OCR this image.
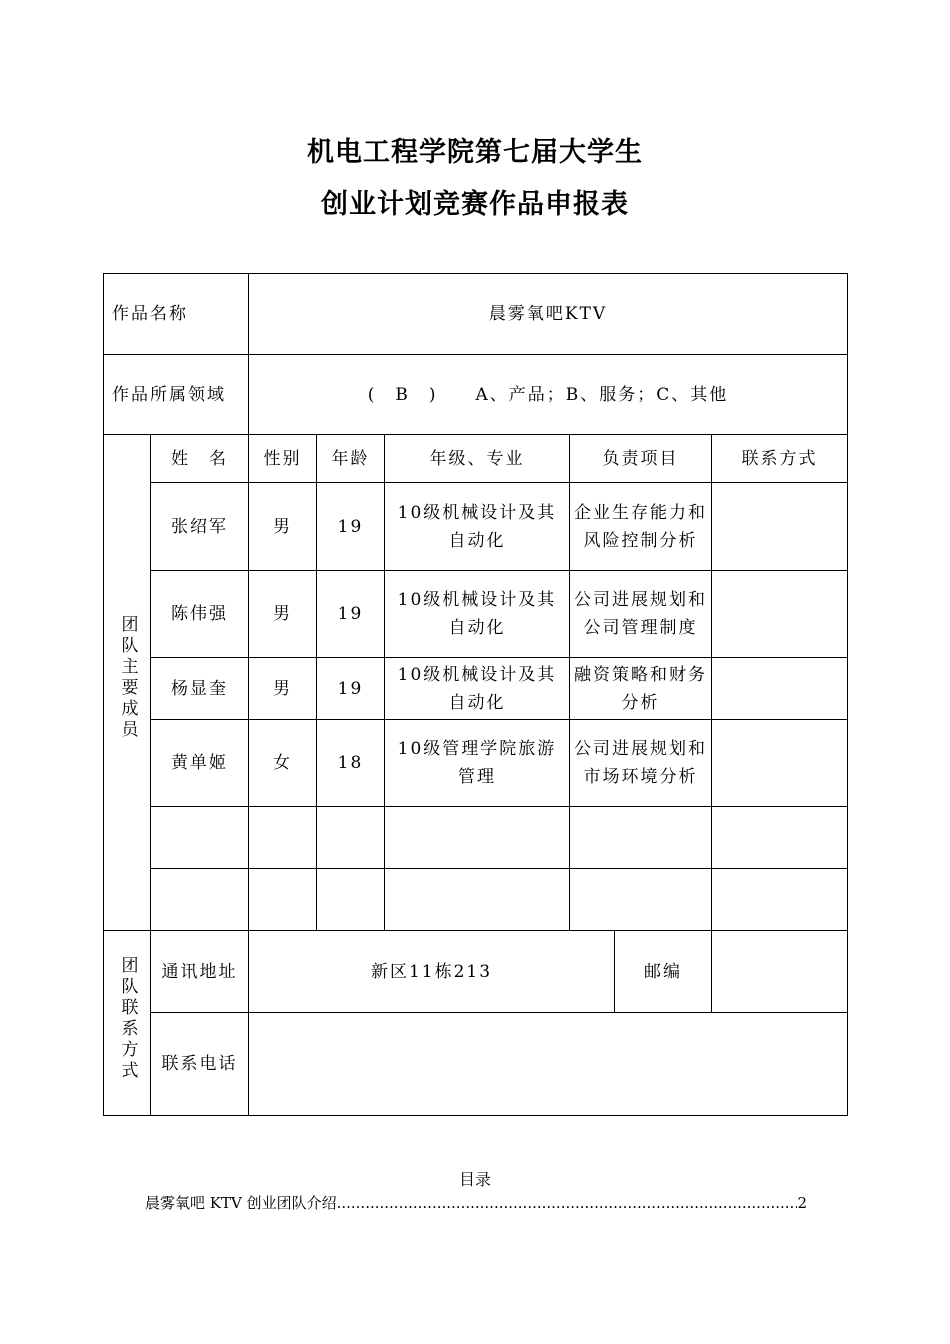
机电工程学院第七届大学生
创业计划竞赛作品申报表
作品名称		晨雾氧吧KTV					
作品所属领域		(　B　)　　A、产品；B、服务；C、其他					
团队主要成员	姓　名	性别	年龄	年级、专业	负责项目		联系方式
	张绍军	男	19	10级机械设计及其自动化	企业生存能力和风险控制分析		
	陈伟强	男	19	10级机械设计及其自动化	公司进展规划和公司管理制度		
	杨显奎	男	19	10级机械设计及其自动化	融资策略和财务分析		
	黄单姬	女	18	10级管理学院旅游管理	公司进展规划和市场环境分析		

团队联系方式	通讯地址	新区11栋213				邮编	
	联系电话						
目录
晨雾氧吧 KTV 创业团队介绍 .....	2
